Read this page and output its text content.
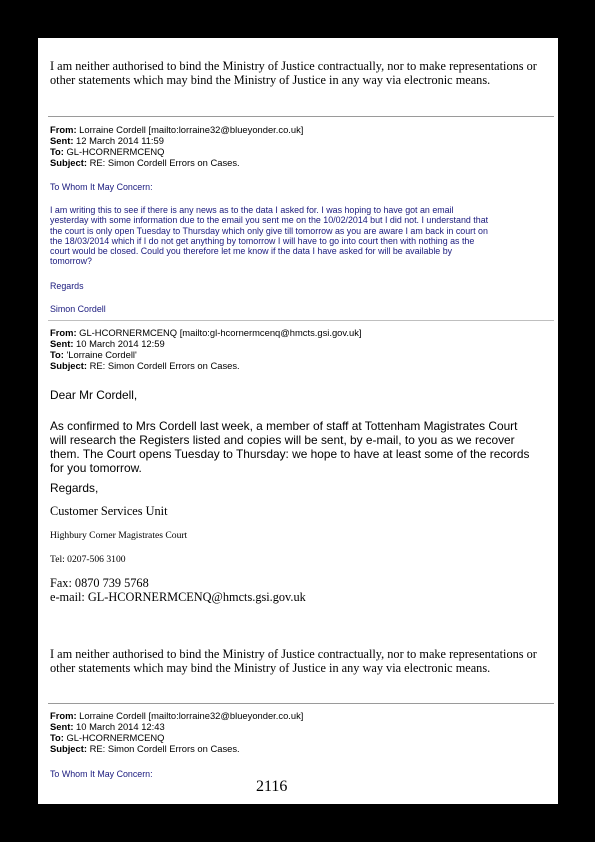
I am neither authorised to bind the Ministry of Justice contractually, nor to make representations or
other statements which may bind the Ministry of Justice in any way via electronic means.
From: Lorraine Cordell [mailto:lorraine32@blueyonder.co.uk]
Sent: 12 March 2014 11:59
To: GL-HCORNERMCENQ
Subject: RE: Simon Cordell Errors on Cases.
To Whom It May Concern:
I am writing this to see if there is any news as to the data I asked for. I was hoping to have got an email
yesterday with some information due to the email you sent me on the 10/02/2014 but I did not. I understand that
the court is only open Tuesday to Thursday which only give till tomorrow as you are aware I am back in court on
the 18/03/2014 which if I do not get anything by tomorrow I will have to go into court then with nothing as the
court would be closed. Could you therefore let me know if the data I have asked for will be available by
tomorrow?
Regards
Simon Cordell
From: GL-HCORNERMCENQ [mailto:gl-hcornermcenq@hmcts.gsi.gov.uk]
Sent: 10 March 2014 12:59
To: 'Lorraine Cordell'
Subject: RE: Simon Cordell Errors on Cases.
Dear Mr Cordell,
As confirmed to Mrs Cordell last week, a member of staff at Tottenham Magistrates Court
will research the Registers listed and copies will be sent, by e-mail, to you as we recover
them. The Court opens Tuesday to Thursday: we hope to have at least some of the records
for you tomorrow.
Regards,
Customer Services Unit
Highbury Corner Magistrates Court
Tel: 0207-506 3100
Fax: 0870 739 5768
e-mail: GL-HCORNERMCENQ@hmcts.gsi.gov.uk
I am neither authorised to bind the Ministry of Justice contractually, nor to make representations or
other statements which may bind the Ministry of Justice in any way via electronic means.
From: Lorraine Cordell [mailto:lorraine32@blueyonder.co.uk]
Sent: 10 March 2014 12:43
To: GL-HCORNERMCENQ
Subject: RE: Simon Cordell Errors on Cases.
To Whom It May Concern:
2116
